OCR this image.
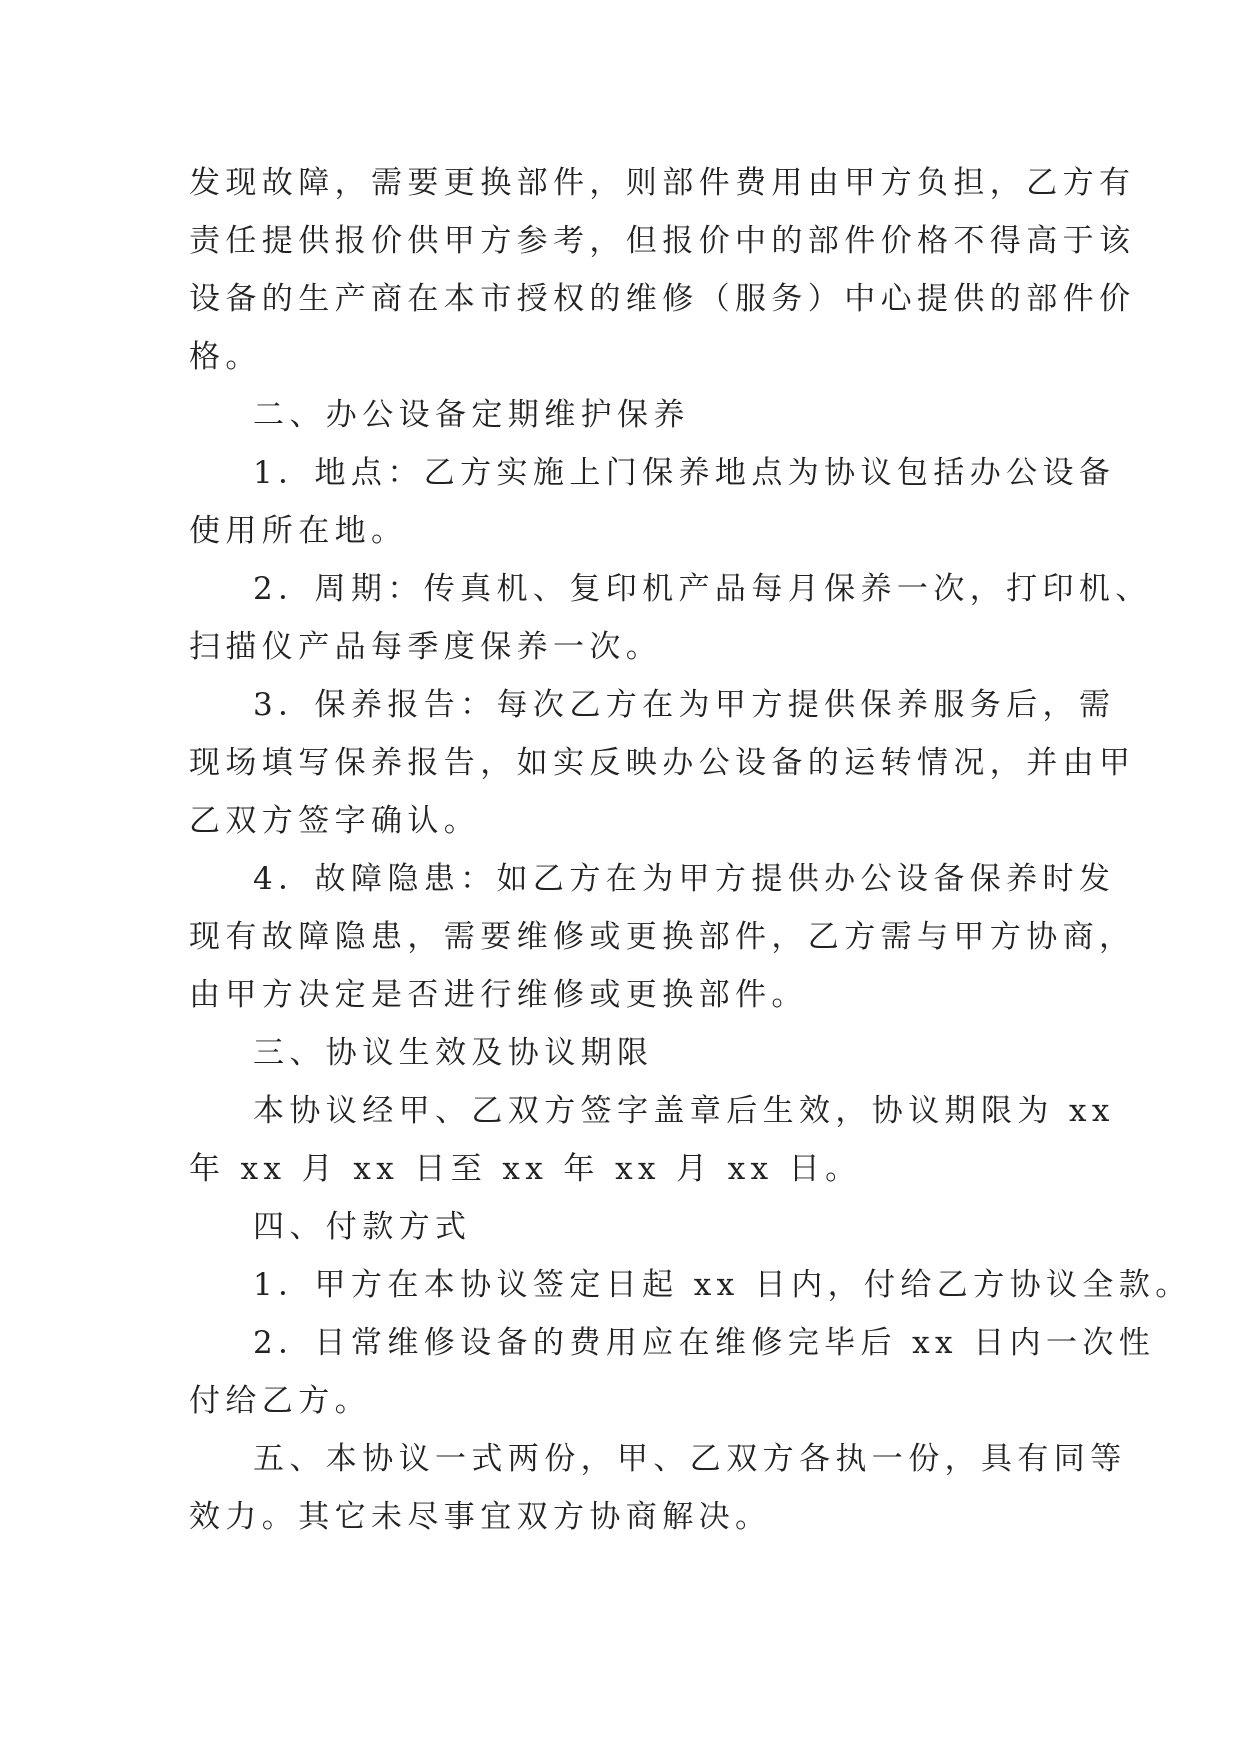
发现故障，需要更换部件，则部件费用由甲方负担，乙方有
责任提供报价供甲方参考，但报价中的部件价格不得高于该
设备的生产商在本市授权的维修（服务）中心提供的部件价
格。
二、办公设备定期维护保养
1．地点：乙方实施上门保养地点为协议包括办公设备
使用所在地。
2．周期：传真机、复印机产品每月保养一次，打印机、
扫描仪产品每季度保养一次。
3．保养报告：每次乙方在为甲方提供保养服务后，需
现场填写保养报告，如实反映办公设备的运转情况，并由甲
乙双方签字确认。
4．故障隐患：如乙方在为甲方提供办公设备保养时发
现有故障隐患，需要维修或更换部件，乙方需与甲方协商，
由甲方决定是否进行维修或更换部件。
三、协议生效及协议期限
本协议经甲、乙双方签字盖章后生效，协议期限为 xx
年 xx 月 xx 日至 xx 年 xx 月 xx 日。
四、付款方式
1．甲方在本协议签定日起 xx 日内，付给乙方协议全款。
2．日常维修设备的费用应在维修完毕后 xx 日内一次性
付给乙方。
五、本协议一式两份，甲、乙双方各执一份，具有同等
效力。其它未尽事宜双方协商解决。
